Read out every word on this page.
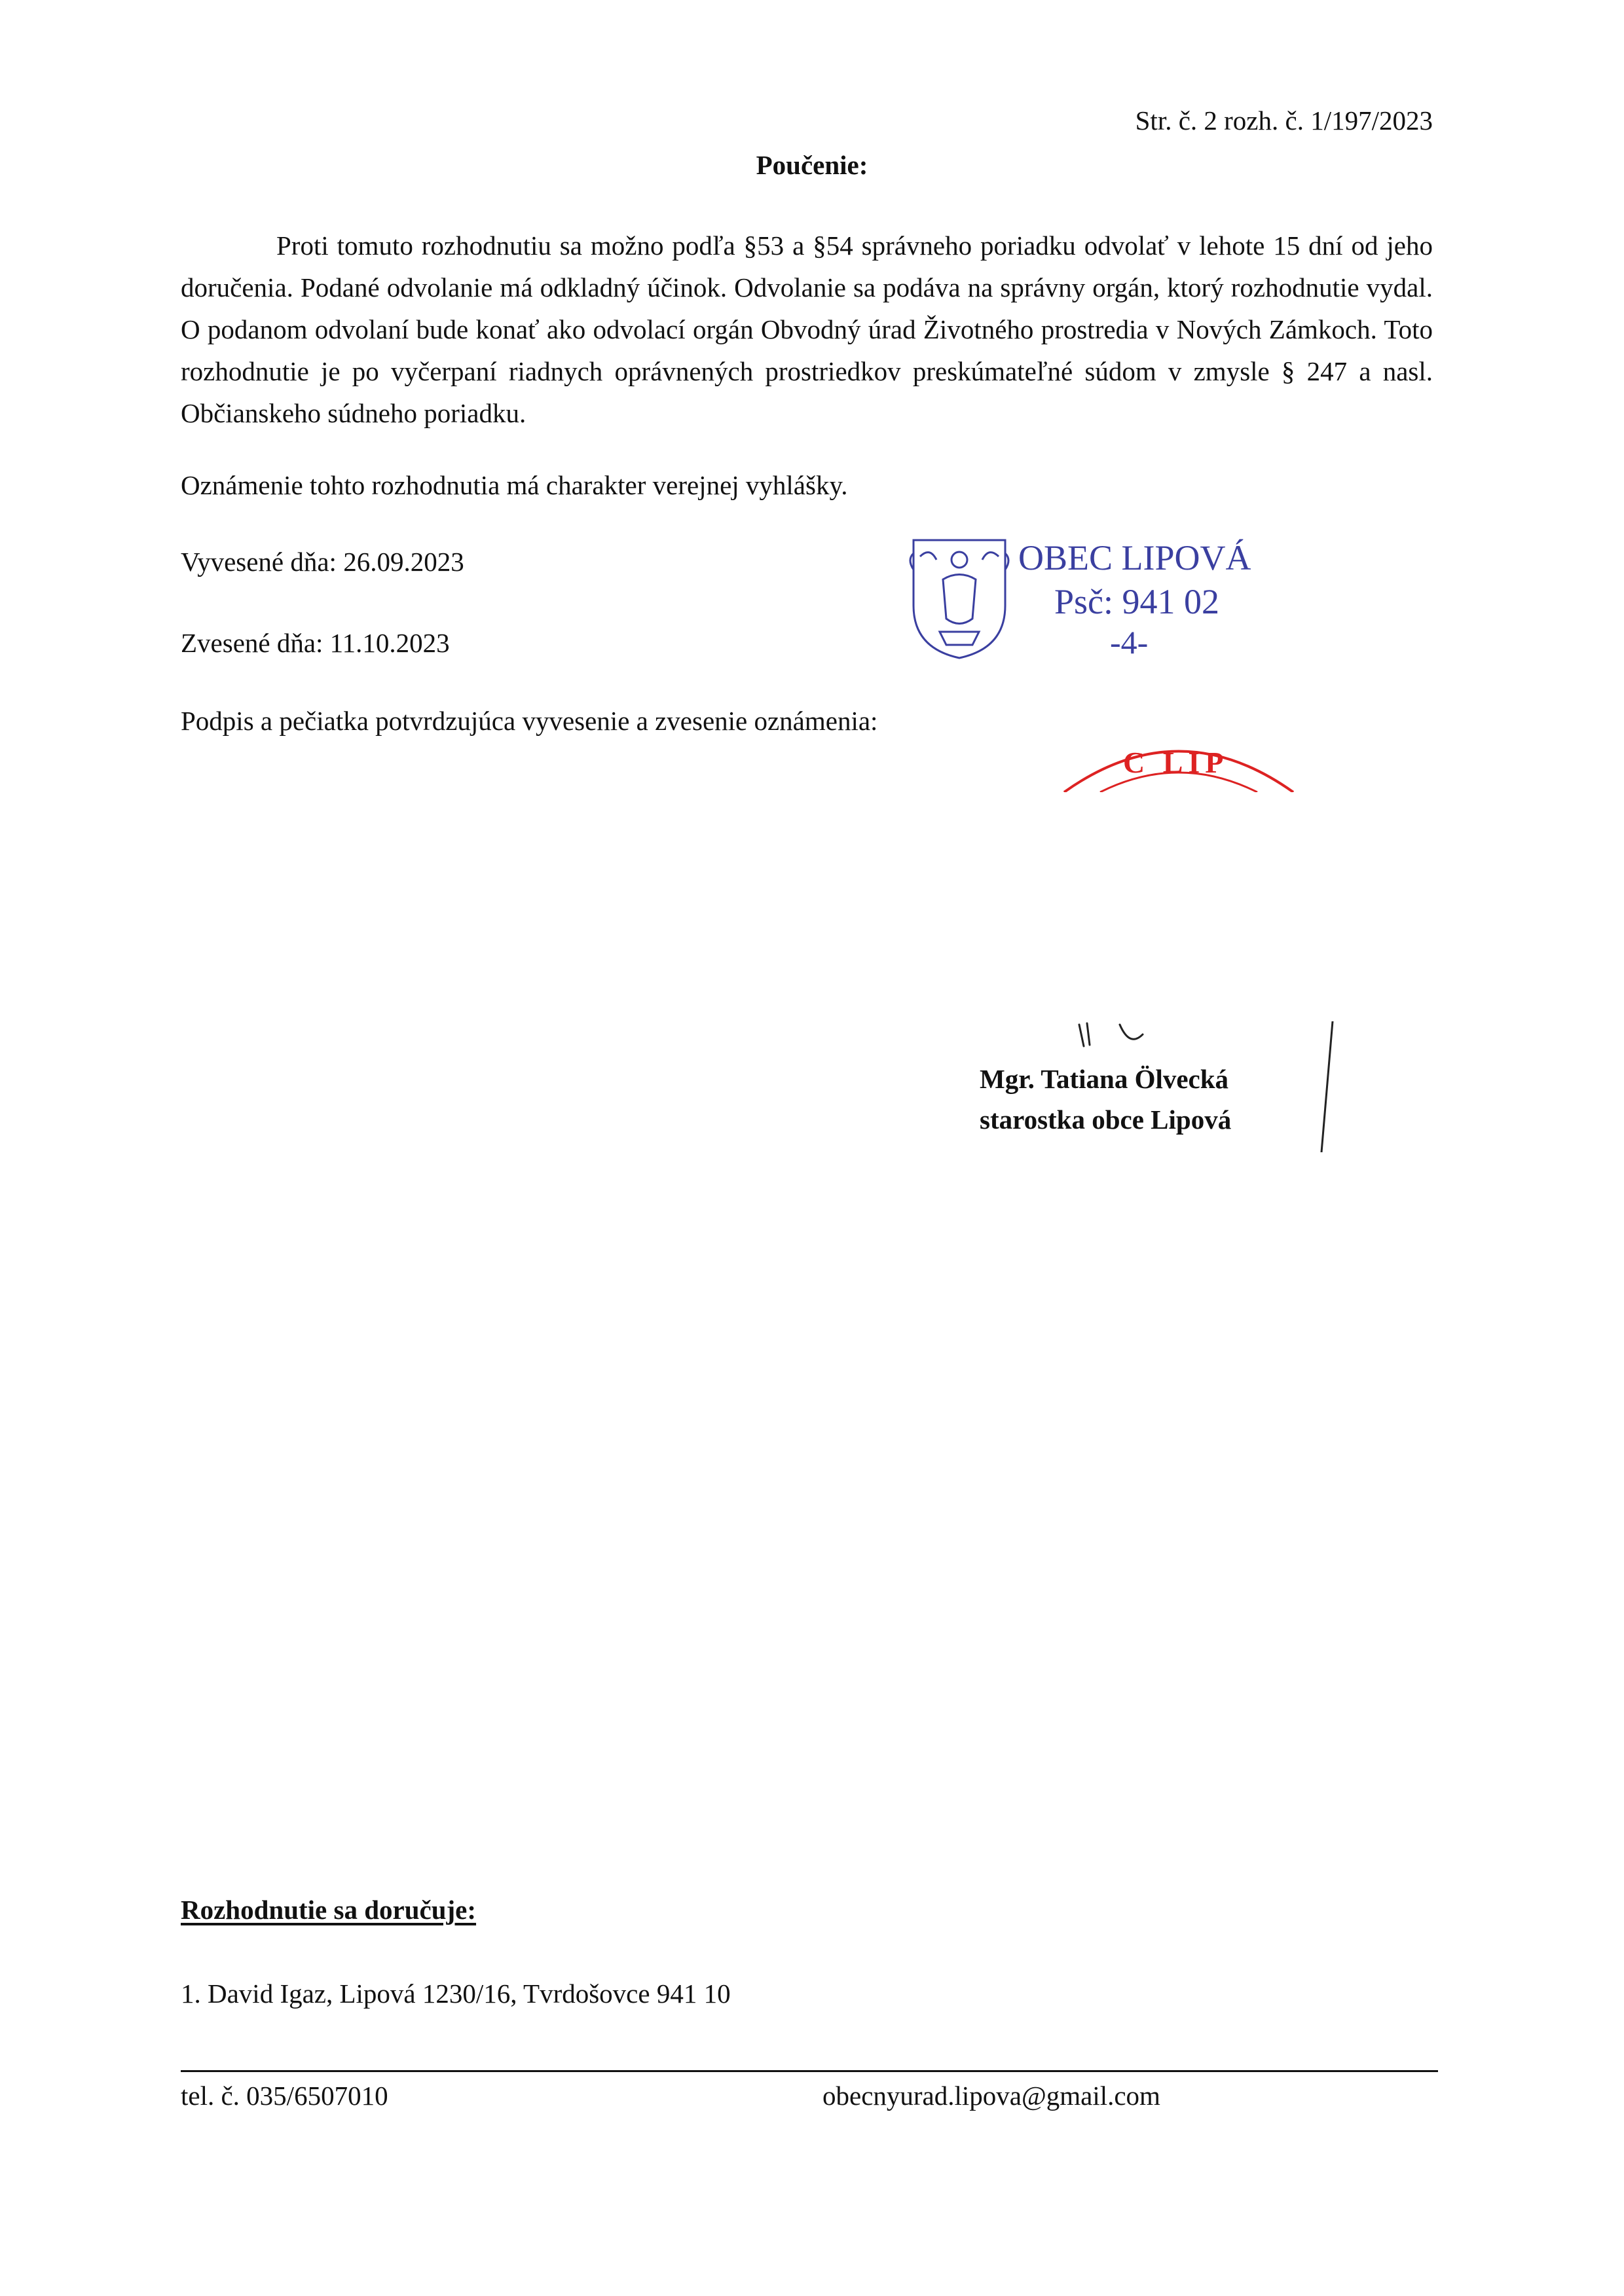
Str. č. 2 rozh. č. 1/197/2023
Poučenie:
Proti tomuto rozhodnutiu sa možno podľa §53 a §54 správneho poriadku odvolať v lehote 15 dní od jeho doručenia. Podané odvolanie má odkladný účinok. Odvolanie sa podáva na správny orgán, ktorý rozhodnutie vydal. O podanom odvolaní bude konať ako odvolací orgán Obvodný úrad Životného prostredia v Nových Zámkoch. Toto rozhodnutie je po vyčerpaní riadnych oprávnených prostriedkov preskúmateľné súdom v zmysle § 247 a nasl. Občianskeho súdneho poriadku.
Oznámenie tohto rozhodnutia má charakter verejnej vyhlášky.
Vyvesené dňa: 26.09.2023
Zvesené dňa: 11.10.2023
Podpis a pečiatka potvrdzujúca vyvesenie a zvesenie oznámenia:
OBEC LIPOVÁ
Psč: 941 02
-4-
C LIP
Mgr. Tatiana Ölvecká
starostka obce Lipová
Rozhodnutie sa doručuje:
1. David Igaz, Lipová 1230/16, Tvrdošovce 941 10
tel. č. 035/6507010	obecnyurad.lipova@gmail.com
